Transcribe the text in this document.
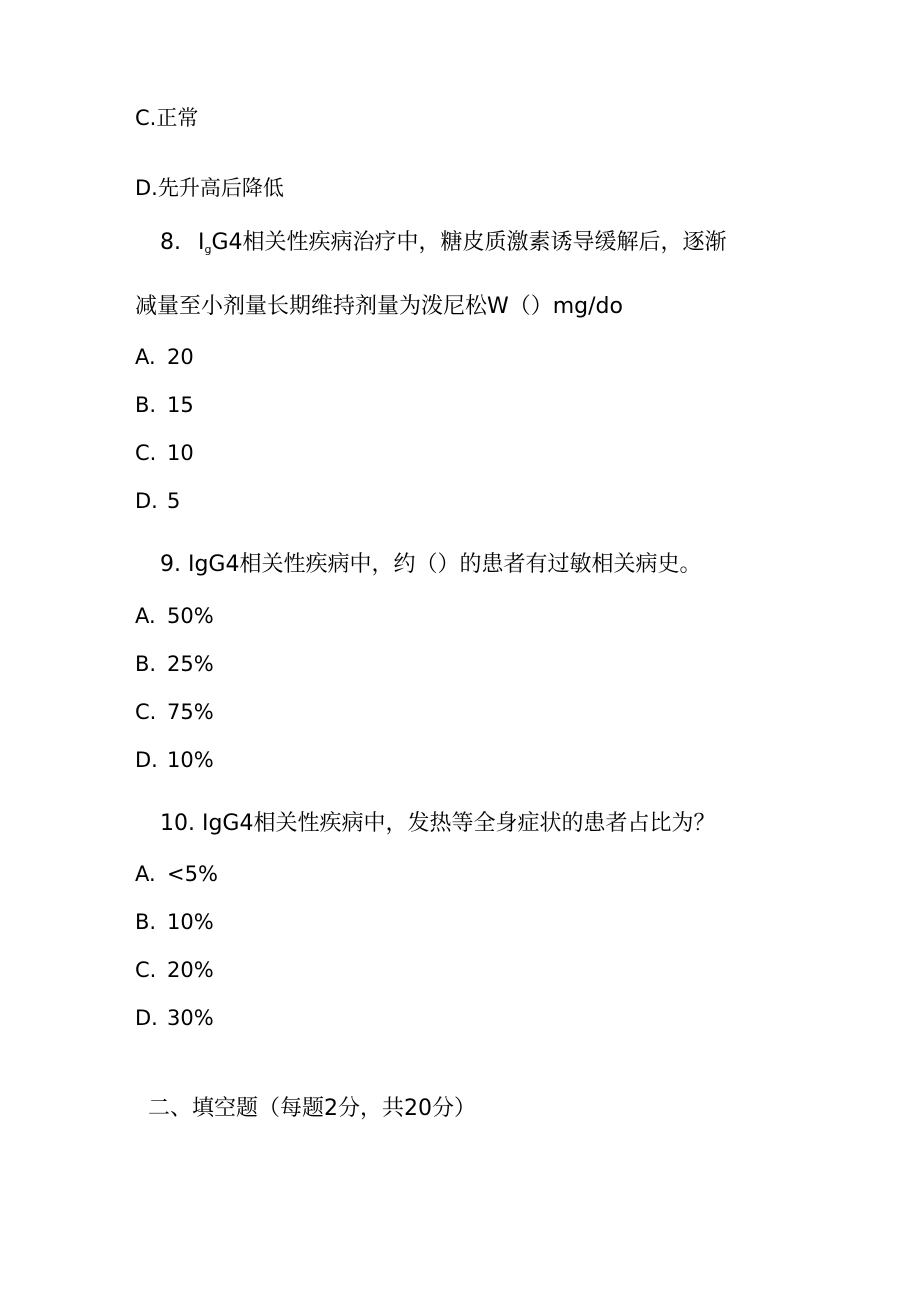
C.正常
D.先升高后降低
8. $I_gG4$相关性疾病治疗中，糖皮质激素诱导缓解后，逐渐
减量至小剂量长期维持剂量为泼尼松W（）mg/do
A. 20
B. 15
C. 10
D. 5
9. IgG4相关性疾病中，约（）的患者有过敏相关病史。
A. 50%
B. 25%
C. 75%
D. 10%
10. IgG4相关性疾病中，发热等全身症状的患者占比为？
A. <5%
B. 10%
C. 20%
D. 30%
二、填空题（每题2分，共20分）
